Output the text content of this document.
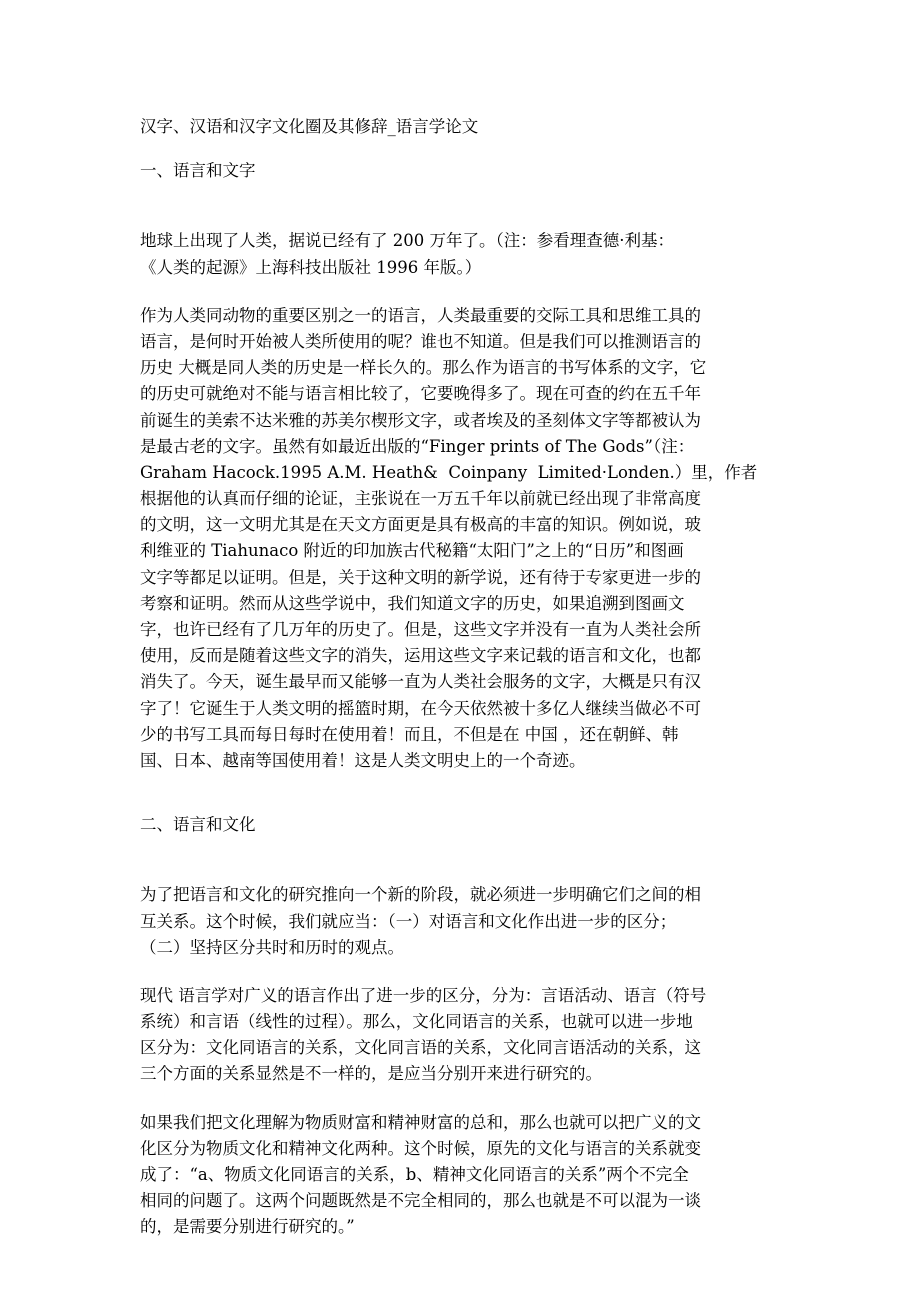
汉字、汉语和汉字文化圈及其修辞_语言学论文
一、语言和文字
地球上出现了人类，据说已经有了 200 万年了。（注：参看理查德·利基：
《人类的起源》上海科技出版社 1996 年版。）
作为人类同动物的重要区别之一的语言，人类最重要的交际工具和思维工具的
语言，是何时开始被人类所使用的呢？谁也不知道。但是我们可以推测语言的
历史 大概是同人类的历史是一样长久的。那么作为语言的书写体系的文字，它
的历史可就绝对不能与语言相比较了，它要晚得多了。现在可查的约在五千年
前诞生的美索不达米雅的苏美尔楔形文字，或者埃及的圣刻体文字等都被认为
是最古老的文字。虽然有如最近出版的“Finger prints of The Gods”（注：
Graham Hacock.1995 A.M. Heath&  Coinpany  Limited·Londen.）里，作者
根据他的认真而仔细的论证，主张说在一万五千年以前就已经出现了非常高度
的文明，这一文明尤其是在天文方面更是具有极高的丰富的知识。例如说，玻
利维亚的 Tiahunaco 附近的印加族古代秘籍“太阳门”之上的“日历”和图画
文字等都足以证明。但是，关于这种文明的新学说，还有待于专家更进一步的
考察和证明。然而从这些学说中，我们知道文字的历史，如果追溯到图画文
字，也许已经有了几万年的历史了。但是，这些文字并没有一直为人类社会所
使用，反而是随着这些文字的消失，运用这些文字来记载的语言和文化，也都
消失了。今天，诞生最早而又能够一直为人类社会服务的文字，大概是只有汉
字了！它诞生于人类文明的摇篮时期，在今天依然被十多亿人继续当做必不可
少的书写工具而每日每时在使用着！而且，不但是在 中国 ，还在朝鲜、韩
国、日本、越南等国使用着！这是人类文明史上的一个奇迹。
二、语言和文化
为了把语言和文化的研究推向一个新的阶段，就必须进一步明确它们之间的相
互关系。这个时候，我们就应当：（一）对语言和文化作出进一步的区分；
（二）坚持区分共时和历时的观点。
现代 语言学对广义的语言作出了进一步的区分，分为：言语活动、语言（符号
系统）和言语（线性的过程）。那么，文化同语言的关系，也就可以进一步地
区分为：文化同语言的关系，文化同言语的关系，文化同言语活动的关系，这
三个方面的关系显然是不一样的，是应当分别开来进行研究的。
如果我们把文化理解为物质财富和精神财富的总和，那么也就可以把广义的文
化区分为物质文化和精神文化两种。这个时候，原先的文化与语言的关系就变
成了：“a、物质文化同语言的关系，b、精神文化同语言的关系”两个不完全
相同的问题了。这两个问题既然是不完全相同的，那么也就是不可以混为一谈
的，是需要分别进行研究的。”
